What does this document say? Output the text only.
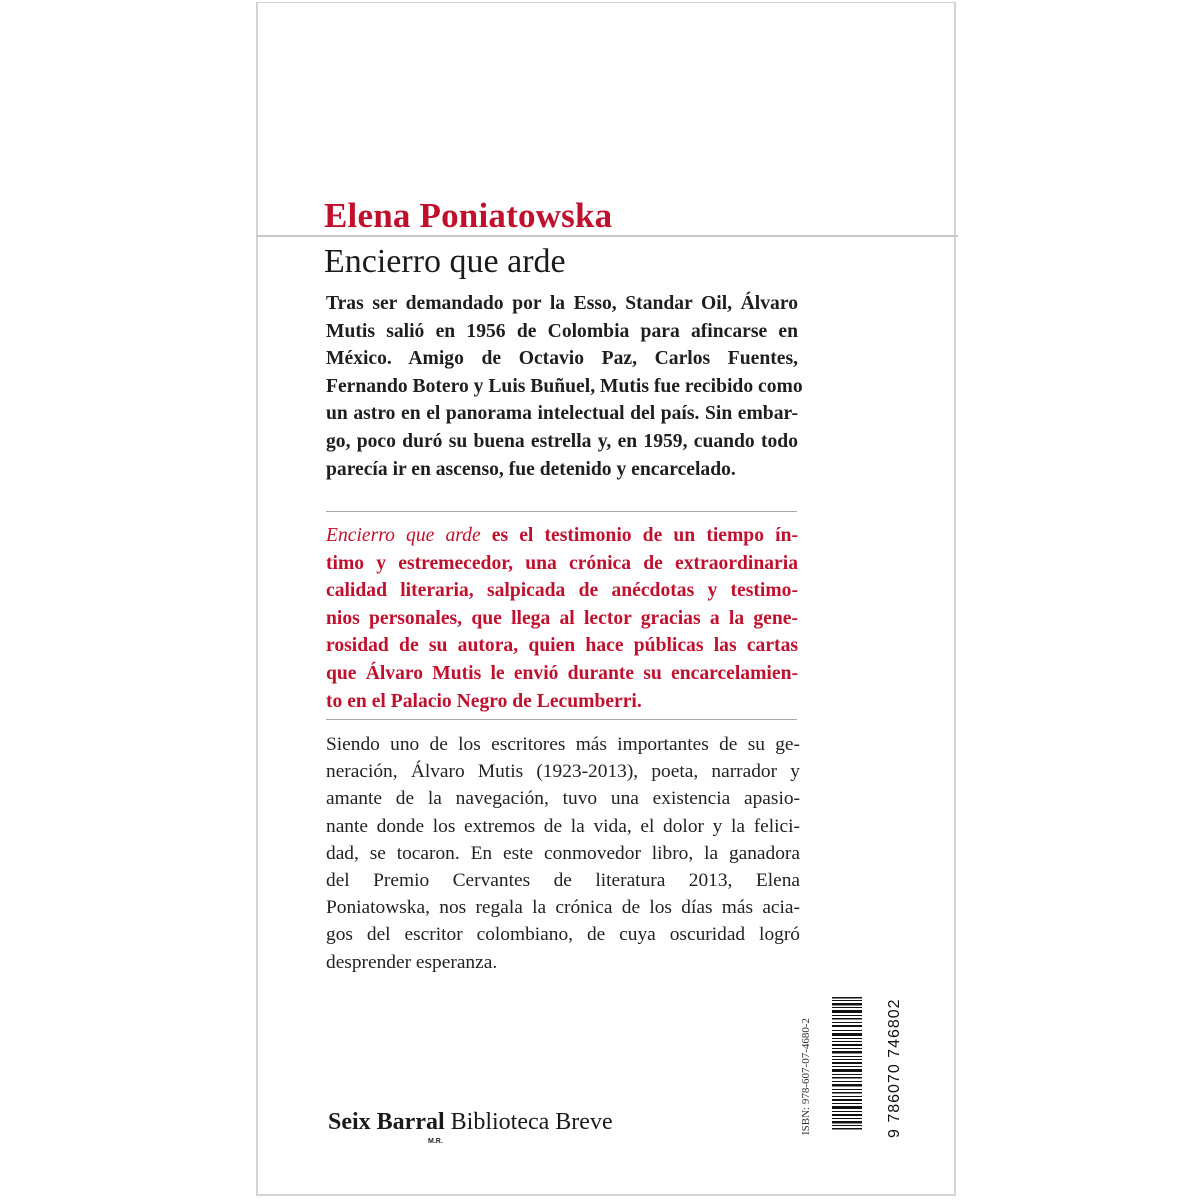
Elena Poniatowska
Encierro que arde

Tras ser demandado por la Esso, Standar Oil, Álvaro
Mutis salió en 1956 de Colombia para afincarse en
México. Amigo de Octavio Paz, Carlos Fuentes,
Fernando Botero y Luis Buñuel, Mutis fue recibido como
un astro en el panorama intelectual del país. Sin embar-
go, poco duró su buena estrella y, en 1959, cuando todo
parecía ir en ascenso, fue detenido y encarcelado.

Encierro que arde es el testimonio de un tiempo ín-
timo y estremecedor, una crónica de extraordinaria
calidad literaria, salpicada de anécdotas y testimo-
nios personales, que llega al lector gracias a la gene-
rosidad de su autora, quien hace públicas las cartas
que Álvaro Mutis le envió durante su encarcelamien-
to en el Palacio Negro de Lecumberri.

Siendo uno de los escritores más importantes de su ge-
neración, Álvaro Mutis (1923-2013), poeta, narrador y
amante de la navegación, tuvo una existencia apasio-
nante donde los extremos de la vida, el dolor y la felici-
dad, se tocaron. En este conmovedor libro, la ganadora
del Premio Cervantes de literatura 2013, Elena
Poniatowska, nos regala la crónica de los días más acia-
gos del escritor colombiano, de cuya oscuridad logró
desprender esperanza.

Seix Barral Biblioteca Breve
M.R.
ISBN: 978-607-07-4680-2	9 786070 746802
